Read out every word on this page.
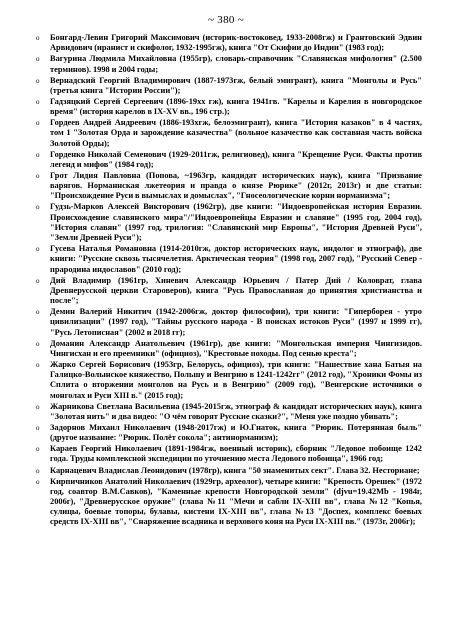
~ 380 ~
o Бонгард-Левин Григорий Максимович (историк-востоковед, 1933-2008гж) и Грантовский Эдвин Арвидович (иранист и скифолог, 1932-1995гж), книга "От Скифии до Индии" (1983 год);
o Вагурина Людмила Михайловна (1955гр), словарь-справочник "Славянская мифология" (2.500 терминов). 1998 и 2004 годы;
o Вернадский Георгий Владимирович (1887-1973гж, белый эмигрант), книга "Монголы и Русь" (третья книга "Истории России");
o Гадзяцкий Сергей Сергеевич (1896-19хх гж), книга 1941гв. "Карелы и Карелия в новгородское время" (история карелов в IX-XV вв., 196 стр.);
o Гордеев Андрей Андреевич (1886-193хгж, белоэмигрант), книга "История казаков" в 4 частях, том 1 "Золотая Орда и зарождение казачества" (вольное казачество как составная часть войска Золотой Орды);
o Горденко Николай Семенович (1929-2011гж, религиовед), книга "Крещение Руси. Факты против легенд и мифов" (1984 год);
o Грот Лидия Павловна (Попова, ~1963гр, кандидат исторических наук), книга "Призвание варягов. Норманнская лжетеория и правда о князе Рюрике" (2012г, 2013г) и две статьи: "Происхождение Руси в вымыслах и домыслах", "Гносеологические корни норманизма";
o Гудзь-Марков Алексей Викторович (1962гр), две книги: "Индоевропейская история Евразии. Происхождение славянского мира"/"Индоевропейцы Евразии и славяне" (1995 год, 2004 год), "История славян" (1997 год, трилогия: "Славянский мир Европы", "История Древней Руси", "Земли Древней Руси");
o Гусева Наталья Романовна (1914-2010гж, доктор исторических наук, индолог и этнограф), две книги: "Русские сквозь тысячелетия. Арктическая теория" (1998 год, 2007 год), "Русский Север - прародина индославов" (2010 год);
o Дий Владимир (1961гр, Хиневич Александр Юрьевич / Патер Дий / Коловрат, глава Древнерусской церкви Староверов), книга "Русь Православная до принятия христианства и после";
o Демин Валерий Никитич (1942-2006гж, доктор философии), три книги: "Гиперборея - утро цивилизации" (1997 год), "Тайны русского народа - В поисках истоков Руси" (1997 и 1999 гг), "Русь Летописная" (2002 и 2018 гг);
o Доманин Александр Анатольевич (1961гр), две книги: "Монгольская империя Чингизидов. Чингисхан и его преемники" (официоз), "Крестовые походы. Под сенью креста";
o Жарко Сергей Борисович (1953гр, Белорусь, официоз), три книги: "Нашествие хана Батыя на Галицко-Волынское княжество, Польшу и Венгрию в 1241-1242гг" (2012 год), "Хроники Фомы из Сплита о вторжении монголов на Русь и в Венгрию" (2009 год), "Венгерские источники о монголах и Руси XIII в." (2015 год);
o Жарникова Светлана Васильевна (1945-2015гж, этнограф & кандидат исторических наук), книга "Золотая нить" и два видео: "О чём говорят Русские сказки?", "Меня уже поздно убивать";
o Задорнов Михаил Николаевич (1948-2017гж) и Ю.Гнаток, книга "Рюрик. Потерянная быль" (другое название: "Рюрик. Полёт сокола"; антинорманизм);
o Караев Георгий Николаевич (1891-1984гж, военный историк), сборник "Ледовое побоище 1242 года. Труды комплексной экспедиции по уточнению места Ледового побоища", 1966 год;
o Карнацевич Владислав Леонидович (1978гр), книга "50 знаменитых сект". Глава 32. Несториане;
o Кирпичников Анатолий Николаевич (1929гр, археолог), четыре книги: "Крепость Орешек" (1972 год, соавтор В.М.Савков), "Каменные крепости Новгородской земли" (djvu=19.42Mb - 1984г, 2006г), "Древнерусское оружие" (глава №11 "Мечи и сабли IX-XIII вв", глава №12 "Копья, сулицы, боевые топоры, булавы, кистени IX-XIII вв", глава №13 "Доспех, комплекс боевых средств IX-XIII вв", "Снаряжение всадника и верхового коня на Руси IX-XIII вв." (1973г, 2006г);
